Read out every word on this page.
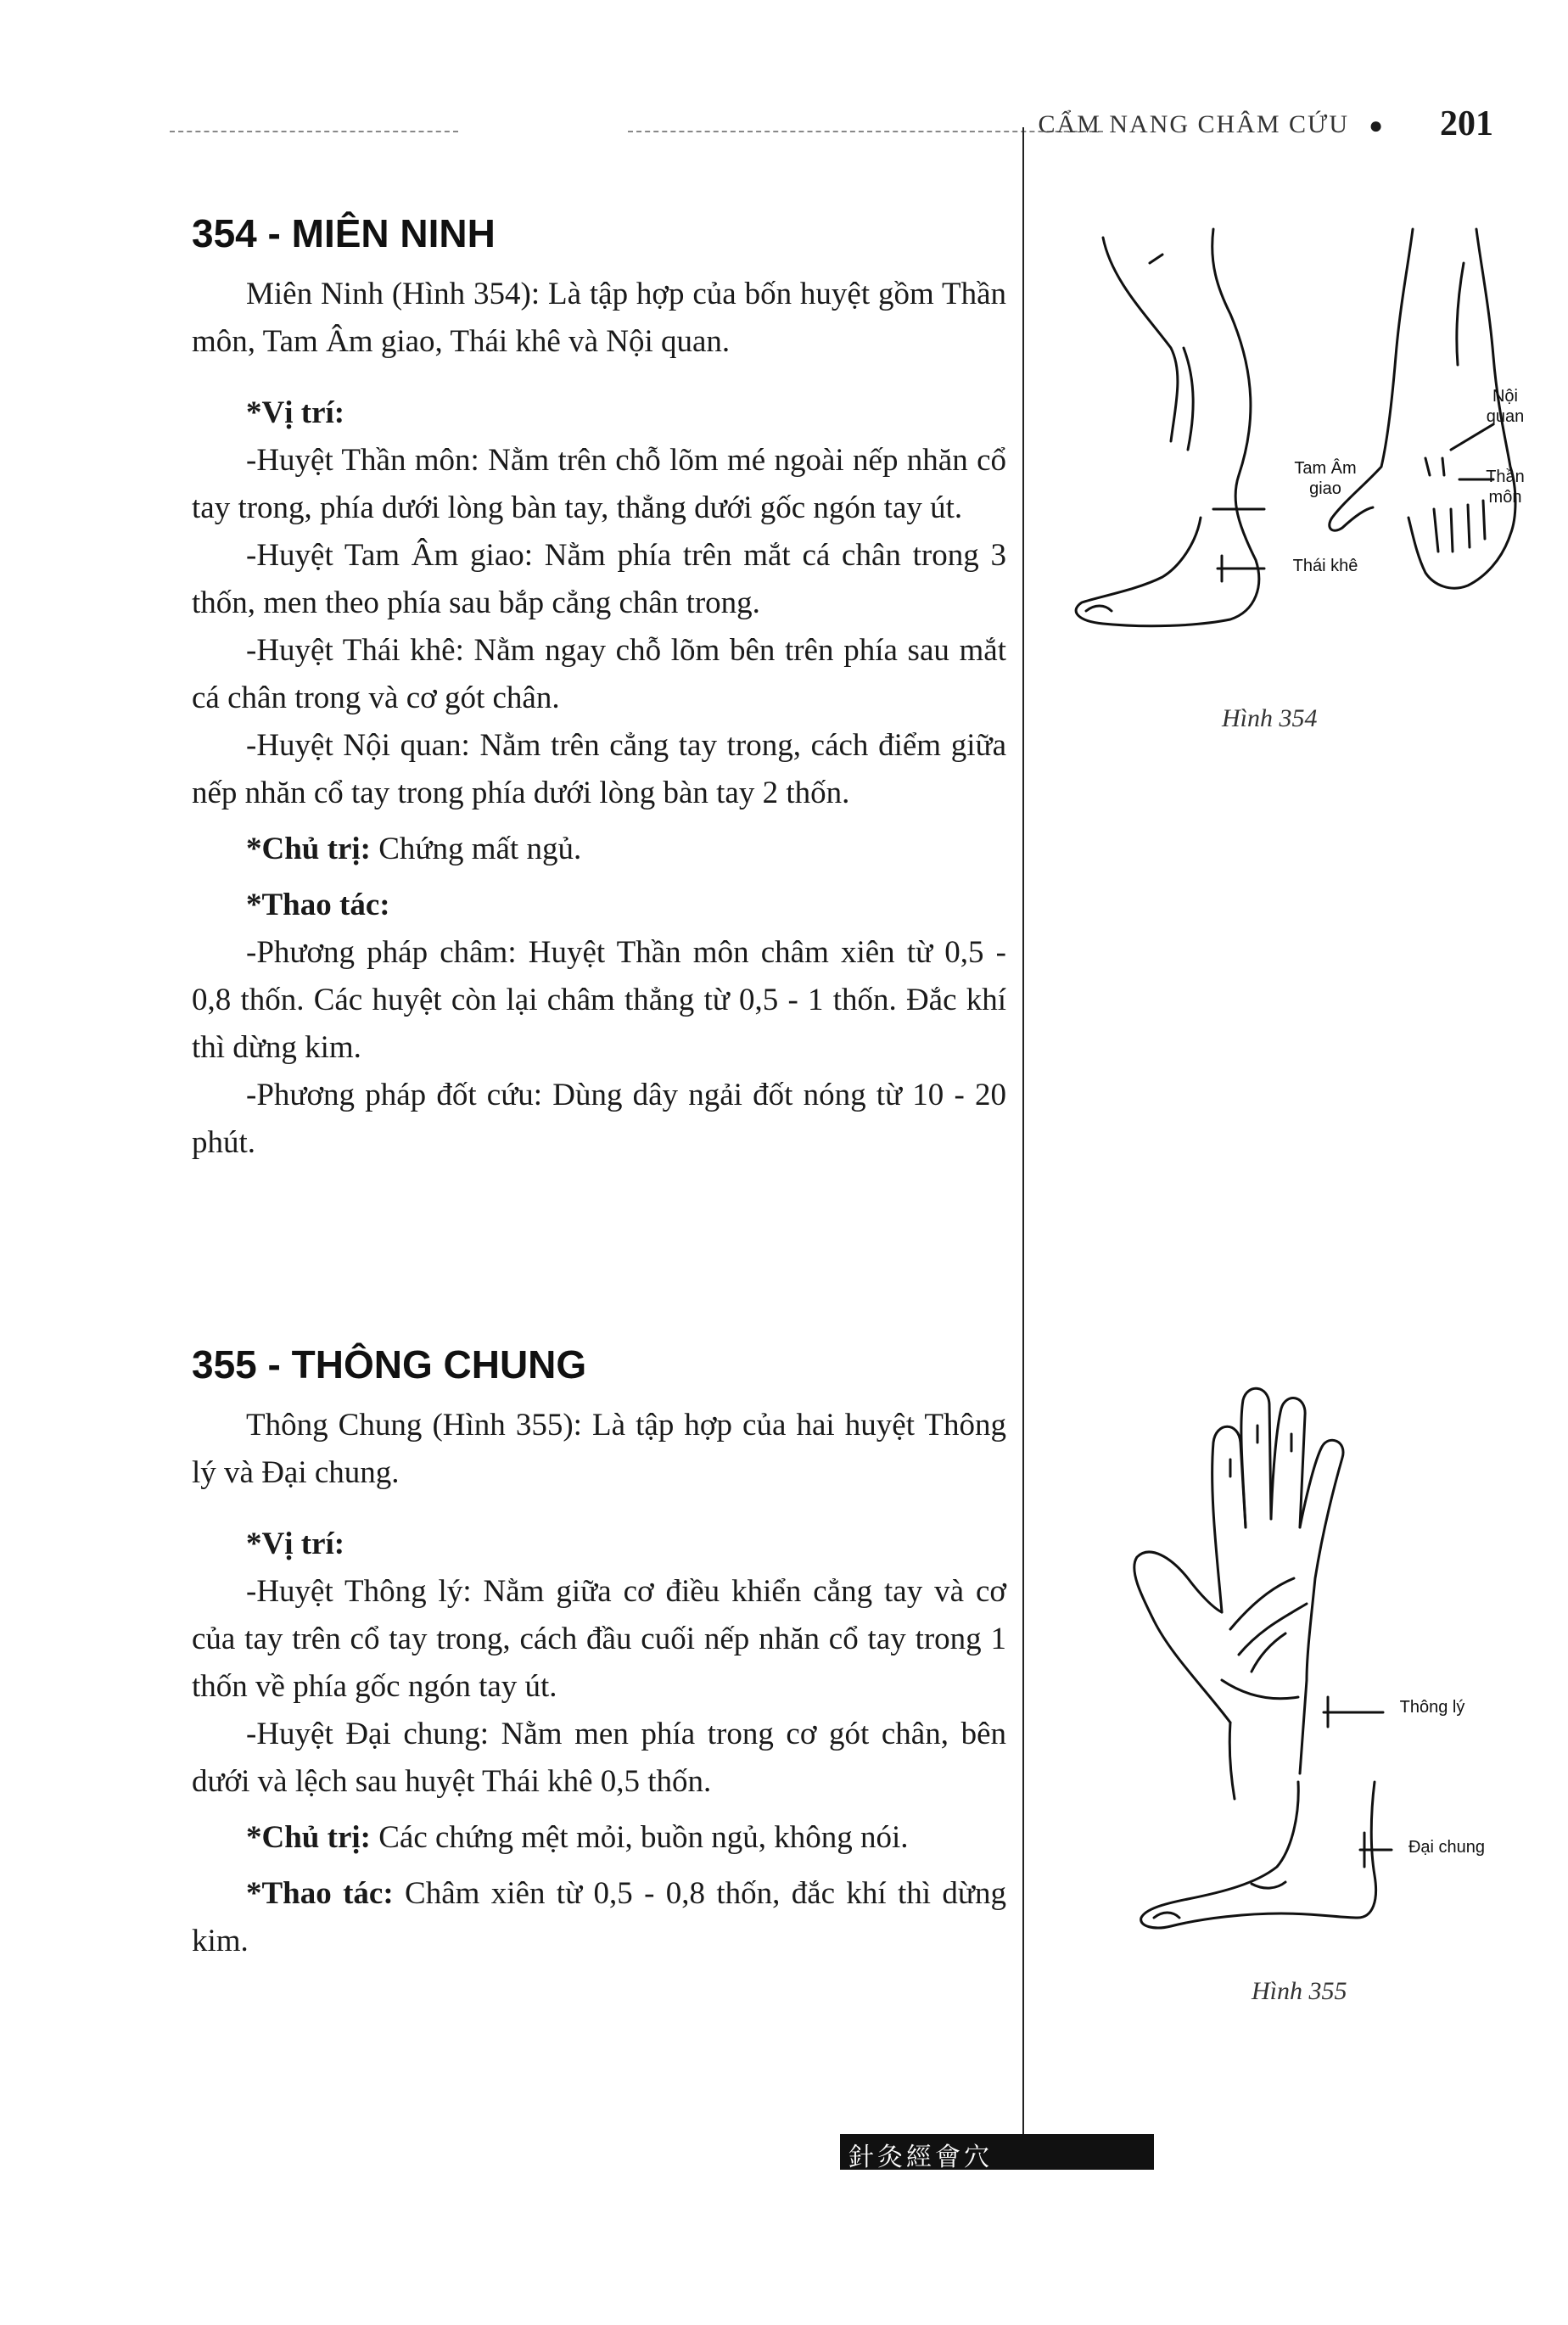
CẨM NANG CHÂM CỨU ● 201
354 - MIÊN NINH

Miên Ninh (Hình 354): Là tập hợp của bốn huyệt gồm Thần môn, Tam Âm giao, Thái khê và Nội quan.

*Vị trí:

-Huyệt Thần môn: Nằm trên chỗ lõm mé ngoài nếp nhăn cổ tay trong, phía dưới lòng bàn tay, thẳng dưới gốc ngón tay út.

-Huyệt Tam Âm giao: Nằm phía trên mắt cá chân trong 3 thốn, men theo phía sau bắp cẳng chân trong.

-Huyệt Thái khê: Nằm ngay chỗ lõm bên trên phía sau mắt cá chân trong và cơ gót chân.

-Huyệt Nội quan: Nằm trên cẳng tay trong, cách điểm giữa nếp nhăn cổ tay trong phía dưới lòng bàn tay 2 thốn.

*Chủ trị: Chứng mất ngủ.

*Thao tác:

-Phương pháp châm: Huyệt Thần môn châm xiên từ 0,5 - 0,8 thốn. Các huyệt còn lại châm thẳng từ 0,5 - 1 thốn. Đắc khí thì dừng kim.

-Phương pháp đốt cứu: Dùng dây ngải đốt nóng từ 10 - 20 phút.

355 - THÔNG CHUNG

Thông Chung (Hình 355): Là tập hợp của hai huyệt Thông lý và Đại chung.

*Vị trí:

-Huyệt Thông lý: Nằm giữa cơ điều khiển cẳng tay và cơ của tay trên cổ tay trong, cách đầu cuối nếp nhăn cổ tay trong 1 thốn về phía gốc ngón tay út.

-Huyệt Đại chung: Nằm men phía trong cơ gót chân, bên dưới và lệch sau huyệt Thái khê 0,5 thốn.

*Chủ trị: Các chứng mệt mỏi, buồn ngủ, không nói.

*Thao tác: Châm xiên từ 0,5 - 0,8 thốn, đắc khí thì dừng kim.

Tam Âm giao
Thái khê
Nội quan
Thần môn
Hình 354
Thông lý
Đại chung
Hình 355
針灸經會穴
